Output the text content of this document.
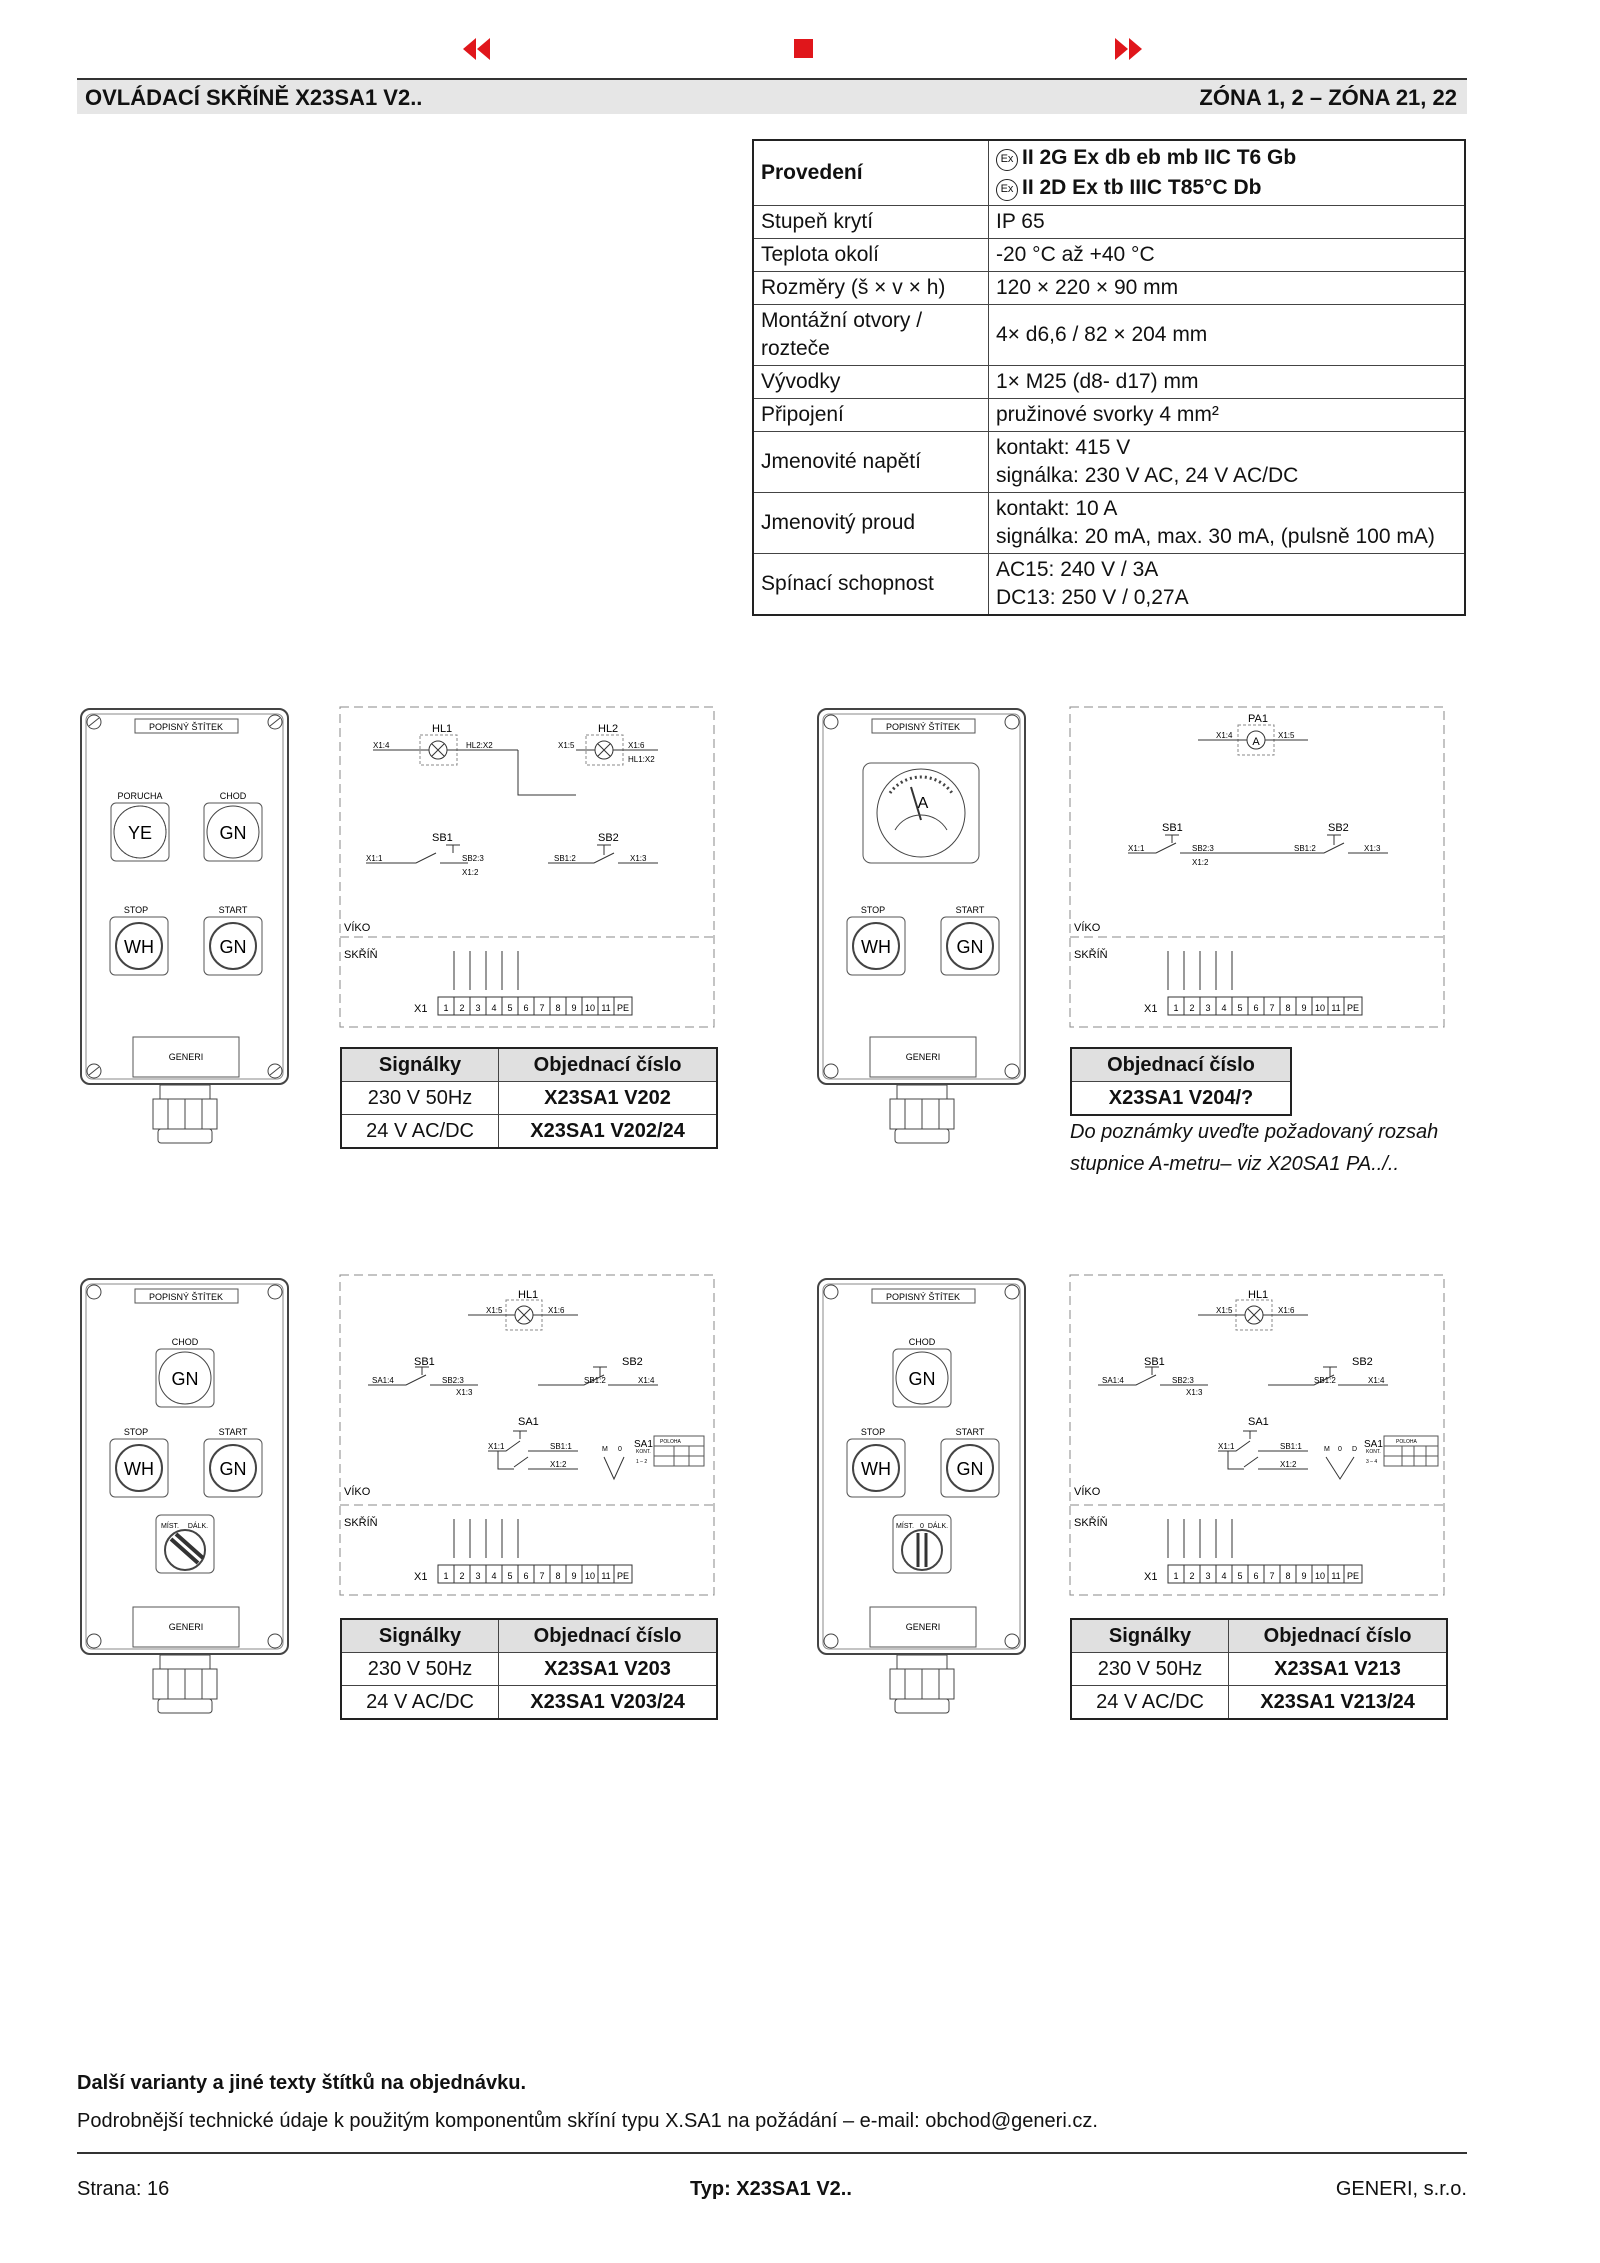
OVLÁDACÍ SKŘÍNĚ X23SA1 V2..	ZÓNA 1, 2 – ZÓNA 21, 22
Provedení	Ex II 2G Ex db eb mb IIC T6 Gb
Ex II 2D Ex tb IIIC T85°C Db
Stupeň krytí	IP 65
Teplota okolí	-20 °C až +40 °C
Rozměry (š × v × h)	120 × 220 × 90 mm
Montážní otvory / rozteče	4× d6,6 / 82 × 204 mm
Vývodky	1× M25 (d8- d17) mm
Připojení	pružinové svorky 4 mm²
Jmenovité napětí	kontakt: 415 V
signálka: 230 V AC, 24 V AC/DC
Jmenovitý proud	kontakt: 10 A
signálka: 20 mA, max. 30 mA, (pulsně 100 mA)
Spínací schopnost	AC15: 240 V / 3A
DC13: 250 V / 0,27A
POPISNÝ ŠTÍTEK
PORUCHA	CHOD
YE	GN
STOP	START
WH	GN
GENERI
HL1	HL2
X1:4	HL2:X2	X1:5	X1:6
HL1:X2
SB1	SB2
X1:1	SB2:3
X1:2
SB1:2	X1:3
VÍKO
SKŘÍŇ
X1 1 2 3 4 5 6 7 8 9 10 11 PE
Signálky	Objednací číslo
230 V 50Hz	X23SA1 V202
24 V AC/DC	X23SA1 V202/24
POPISNÝ ŠTÍTEK
A
STOP	START
WH	GN
GENERI
PA1
A
X1:4	X1:5
SB1	SB2
X1:1	SB2:3
X1:2
SB1:2	X1:3
VÍKO
SKŘÍŇ
X1 1 2 3 4 5 6 7 8 9 10 11 PE
Objednací číslo
X23SA1 V204/?
Do poznámky uveďte požadovaný rozsah
stupnice A-metru– viz X20SA1 PA../..
POPISNÝ ŠTÍTEK
CHOD
GN
STOP	START
WH	GN
MÍST. DÁLK.
GENERI
HL1
X1:5	X1:6
SB1	SB2
SA1:4	SB2:3
X1:3
SB1:2	X1:4
SA1
X1:1	SB1:1
X1:2
M 0 SA1 POLOHA
KONT.
1 – 2
VÍKO
SKŘÍŇ
X1 1 2 3 4 5 6 7 8 9 10 11 PE
Signálky	Objednací číslo
230 V 50Hz	X23SA1 V203
24 V AC/DC	X23SA1 V203/24
POPISNÝ ŠTÍTEK
CHOD
GN
STOP	START
WH	GN
MÍST. 0 DÁLK.
GENERI
HL1
X1:5	X1:6
SB1	SB2
SA1:4	SB2:3
X1:3
SB1:2	X1:4
SA1
X1:1	SB1:1
X1:2
M 0 D SA1	POLOHA
KONT.
3 – 4
VÍKO
SKŘÍŇ
X1 1 2 3 4 5 6 7 8 9 10 11 PE
Signálky	Objednací číslo
230 V 50Hz	X23SA1 V213
24 V AC/DC	X23SA1 V213/24
Další varianty a jiné texty štítků na objednávku.
Podrobnější technické údaje k použitým komponentům skříní typu X.SA1 na požádání – e-mail: obchod@generi.cz.
Strana: 16	Typ: X23SA1 V2..	GENERI, s.r.o.
